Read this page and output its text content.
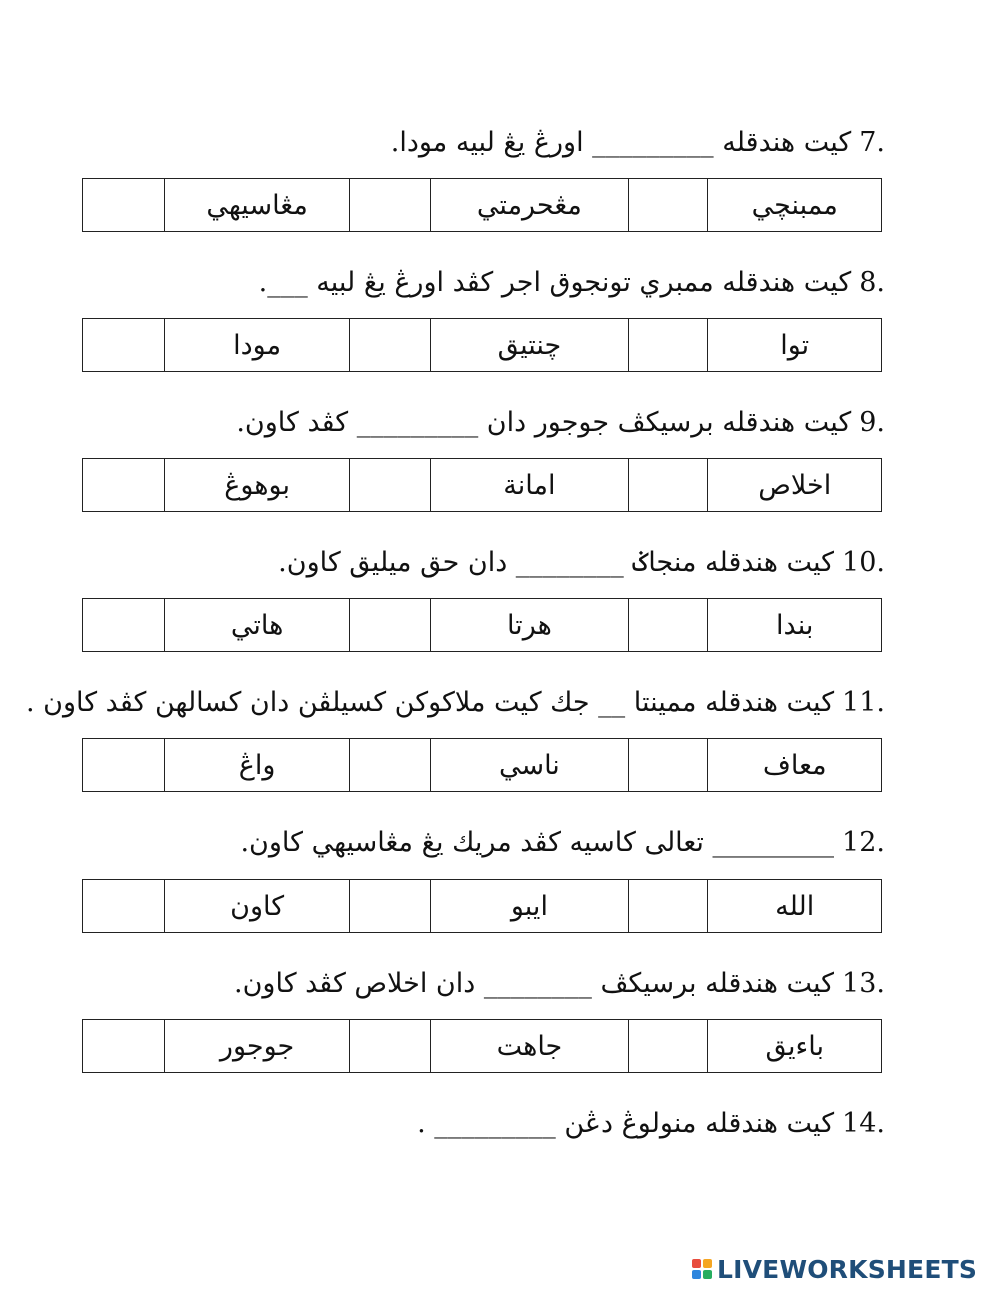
7.كيت هندقله _________ اورڠ يڠ لبيه مودا.
ممبنچي
مڠحرمتي
مڠاسيهي
8.كيت هندقله ممبري تونجوق اجر كڤد اورڠ يڠ لبيه ___.
توا
چنتيق
مودا
9.كيت هندقله برسيكڤ جوجور دان _________ كڤد كاون.
اخلاص
امانة
بوهوڠ
10.كيت هندقله منجاݢ ________ دان حق ميليق كاون.
بندا
هرتا
هاتي
11.كيت هندقله ممينتا __ جك كيت ملاكوكن كسيلڤن دان كسالهن كڤد كاون .
معاف
ناسي
واڠ
12._________ تعالى كاسيه كڤد مريك يڠ مڠاسيهي كاون.
الله
ايبو
كاون
13.كيت هندقله برسيكڤ ________ دان اخلاص كڤد كاون.
باءيق
جاهت
جوجور
14.كيت هندقله منولوڠ دڠن _________ .
LIVEWORKSHEETS
